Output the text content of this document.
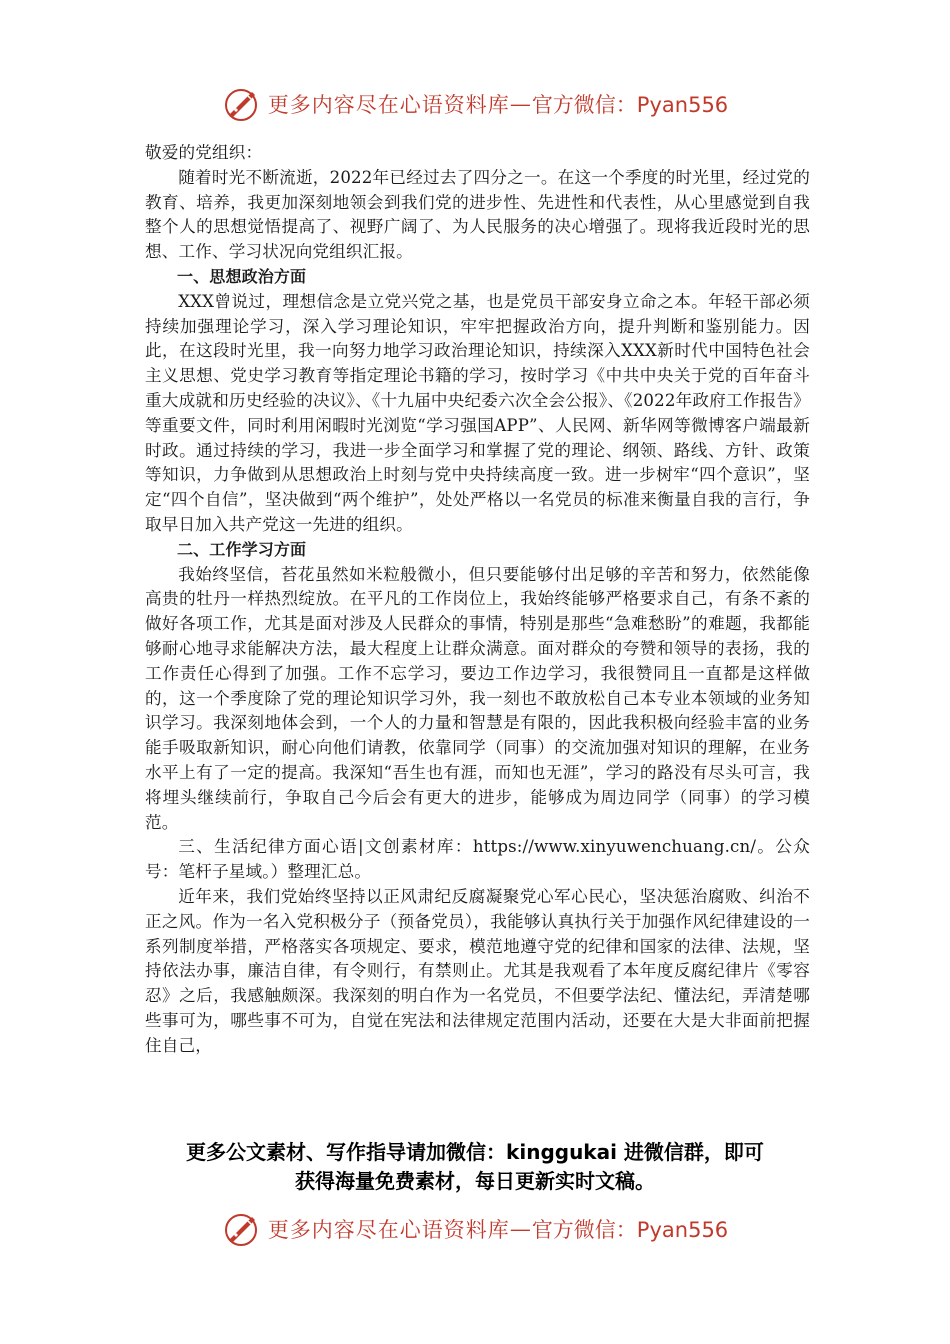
更多内容尽在心语资料库 — 官方微信：Pyan556

敬爱的党组织：

随着时光不断流逝，2022年已经过去了四分之一。在这一个季度的时光里，经过党的教育、培养，我更加深刻地领会到我们党的进步性、先进性和代表性，从心里感觉到自我整个人的思想觉悟提高了、视野广阔了、为人民服务的决心增强了。现将我近段时光的思想、工作、学习状况向党组织汇报。

一、思想政治方面

XXX曾说过，理想信念是立党兴党之基，也是党员干部安身立命之本。年轻干部必须持续加强理论学习，深入学习理论知识，牢牢把握政治方向，提升判断和鉴别能力。因此，在这段时光里，我一向努力地学习政治理论知识，持续深入XXX新时代中国特色社会主义思想、党史学习教育等指定理论书籍的学习，按时学习《中共中央关于党的百年奋斗重大成就和历史经验的决议》、《十九届中央纪委六次全会公报》、《2022年政府工作报告》等重要文件，同时利用闲暇时光浏览“学习强国APP”、人民网、新华网等微博客户端最新时政。通过持续的学习，我进一步全面学习和掌握了党的理论、纲领、路线、方针、政策等知识，力争做到从思想政治上时刻与党中央持续高度一致。进一步树牢“四个意识”，坚定“四个自信”，坚决做到“两个维护”，处处严格以一名党员的标准来衡量自我的言行，争取早日加入共产党这一先进的组织。

二、工作学习方面

我始终坚信，苔花虽然如米粒般微小，但只要能够付出足够的辛苦和努力，依然能像高贵的牡丹一样热烈绽放。在平凡的工作岗位上，我始终能够严格要求自己，有条不紊的做好各项工作，尤其是面对涉及人民群众的事情，特别是那些“急难愁盼”的难题，我都能够耐心地寻求能解决方法，最大程度上让群众满意。面对群众的夸赞和领导的表扬，我的工作责任心得到了加强。工作不忘学习，要边工作边学习，我很赞同且一直都是这样做的，这一个季度除了党的理论知识学习外，我一刻也不敢放松自己本专业本领域的业务知识学习。我深刻地体会到，一个人的力量和智慧是有限的，因此我积极向经验丰富的业务能手吸取新知识，耐心向他们请教，依靠同学（同事）的交流加强对知识的理解，在业务水平上有了一定的提高。我深知“吾生也有涯，而知也无涯”，学习的路没有尽头可言，我将埋头继续前行，争取自己今后会有更大的进步，能够成为周边同学（同事）的学习模范。

三、生活纪律方面心语|文创素材库：https://www.xinyuwenchuang.cn/。公众号：笔杆子星域。）整理汇总。

近年来，我们党始终坚持以正风肃纪反腐凝聚党心军心民心，坚决惩治腐败、纠治不正之风。作为一名入党积极分子（预备党员），我能够认真执行关于加强作风纪律建设的一系列制度举措，严格落实各项规定、要求，模范地遵守党的纪律和国家的法律、法规，坚持依法办事，廉洁自律，有令则行，有禁则止。尤其是我观看了本年度反腐纪律片《零容忍》之后，我感触颇深。我深刻的明白作为一名党员，不但要学法纪、懂法纪，弄清楚哪些事可为，哪些事不可为，自觉在宪法和法律规定范围内活动，还要在大是大非面前把握住自己，

更多公文素材、写作指导请加微信：kinggukai 进微信群，即可
获得海量免费素材，每日更新实时文稿。
更多内容尽在心语资料库 — 官方微信：Pyan556
